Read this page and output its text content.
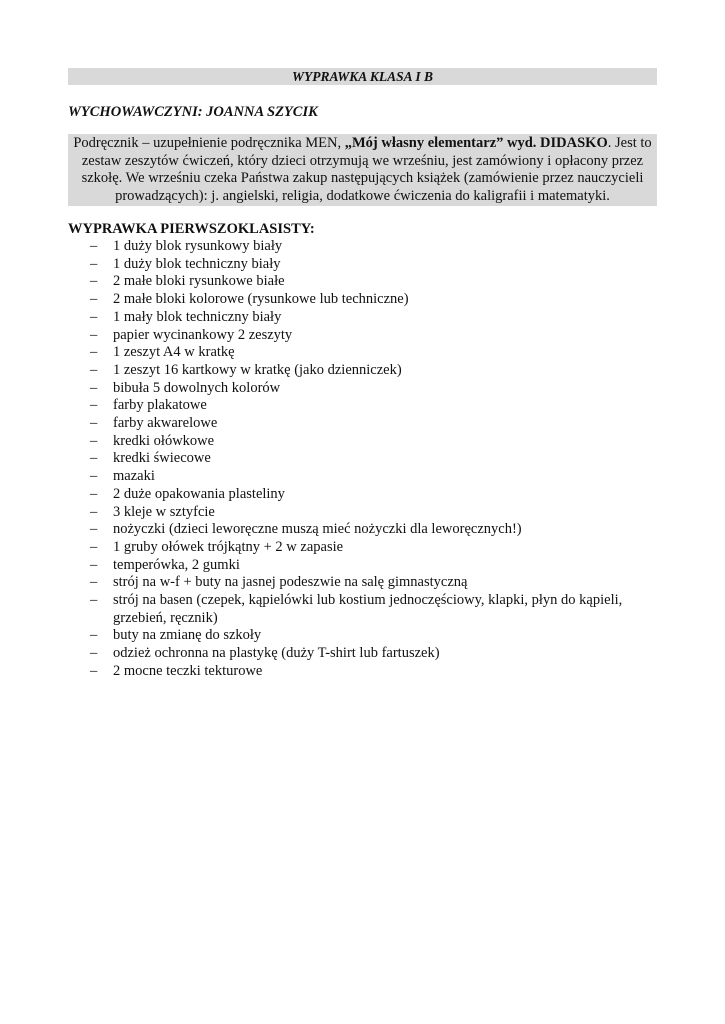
WYPRAWKA KLASA I B
WYCHOWAWCZYNI: JOANNA SZYCIK
Podręcznik – uzupełnienie podręcznika MEN, „Mój własny elementarz” wyd. DIDASKO. Jest to zestaw zeszytów ćwiczeń, który dzieci otrzymują we wrześniu, jest zamówiony i opłacony przez szkołę. We wrześniu czeka Państwa zakup następujących książek (zamówienie przez nauczycieli prowadzących): j. angielski, religia, dodatkowe ćwiczenia do kaligrafii i matematyki.
WYPRAWKA PIERWSZOKLASISTY:
– 1 duży blok rysunkowy biały
– 1 duży blok techniczny biały
– 2 małe bloki rysunkowe białe
– 2 małe bloki kolorowe (rysunkowe lub techniczne)
– 1 mały blok techniczny biały
– papier wycinankowy 2 zeszyty
– 1 zeszyt A4 w kratkę
– 1 zeszyt 16 kartkowy w kratkę (jako dzienniczek)
– bibuła 5 dowolnych kolorów
– farby plakatowe
– farby akwarelowe
– kredki ołówkowe
– kredki świecowe
– mazaki
– 2 duże opakowania plasteliny
– 3 kleje w sztyfcie
– nożyczki (dzieci leworęczne muszą mieć nożyczki dla leworęcznych!)
– 1 gruby ołówek trójkątny + 2 w zapasie
– temperówka, 2 gumki
– strój na w-f + buty na jasnej podeszwie na salę gimnastyczną
– strój na basen (czepek, kąpielówki lub kostium jednoczęściowy, klapki, płyn do kąpieli, grzebień, ręcznik)
– buty na zmianę do szkoły
– odzież ochronna na plastykę (duży T-shirt lub fartuszek)
– 2 mocne teczki tekturowe
